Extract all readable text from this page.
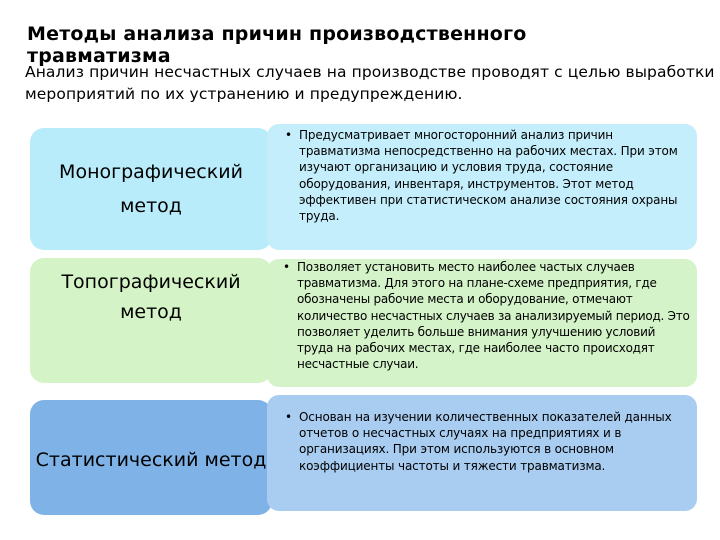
Методы анализа причин производственного травматизма
Анализ причин несчастных случаев на производстве проводят с целью выработки мероприятий по их устранению и предупреждению.
Монографический метод
• Предусматривает многосторонний анализ причин травматизма непосредственно на рабочих местах. При этом изучают организацию и условия труда, состояние оборудования, инвентаря, инструментов. Этот метод эффективен при статистическом анализе состояния охраны труда.
Топографический метод
• Позволяет установить место наиболее частых случаев травматизма. Для этого на плане-схеме предприятия, где обозначены рабочие места и оборудование, отмечают количество несчастных случаев за анализируемый период. Это позволяет уделить больше внимания улучшению условий труда на рабочих местах, где наиболее часто происходят несчастные случаи.
Статистический метод
• Основан на изучении количественных показателей данных отчетов о несчастных случаях на предприятиях и в организациях. При этом используются в основном коэффициенты частоты и тяжести травматизма.
